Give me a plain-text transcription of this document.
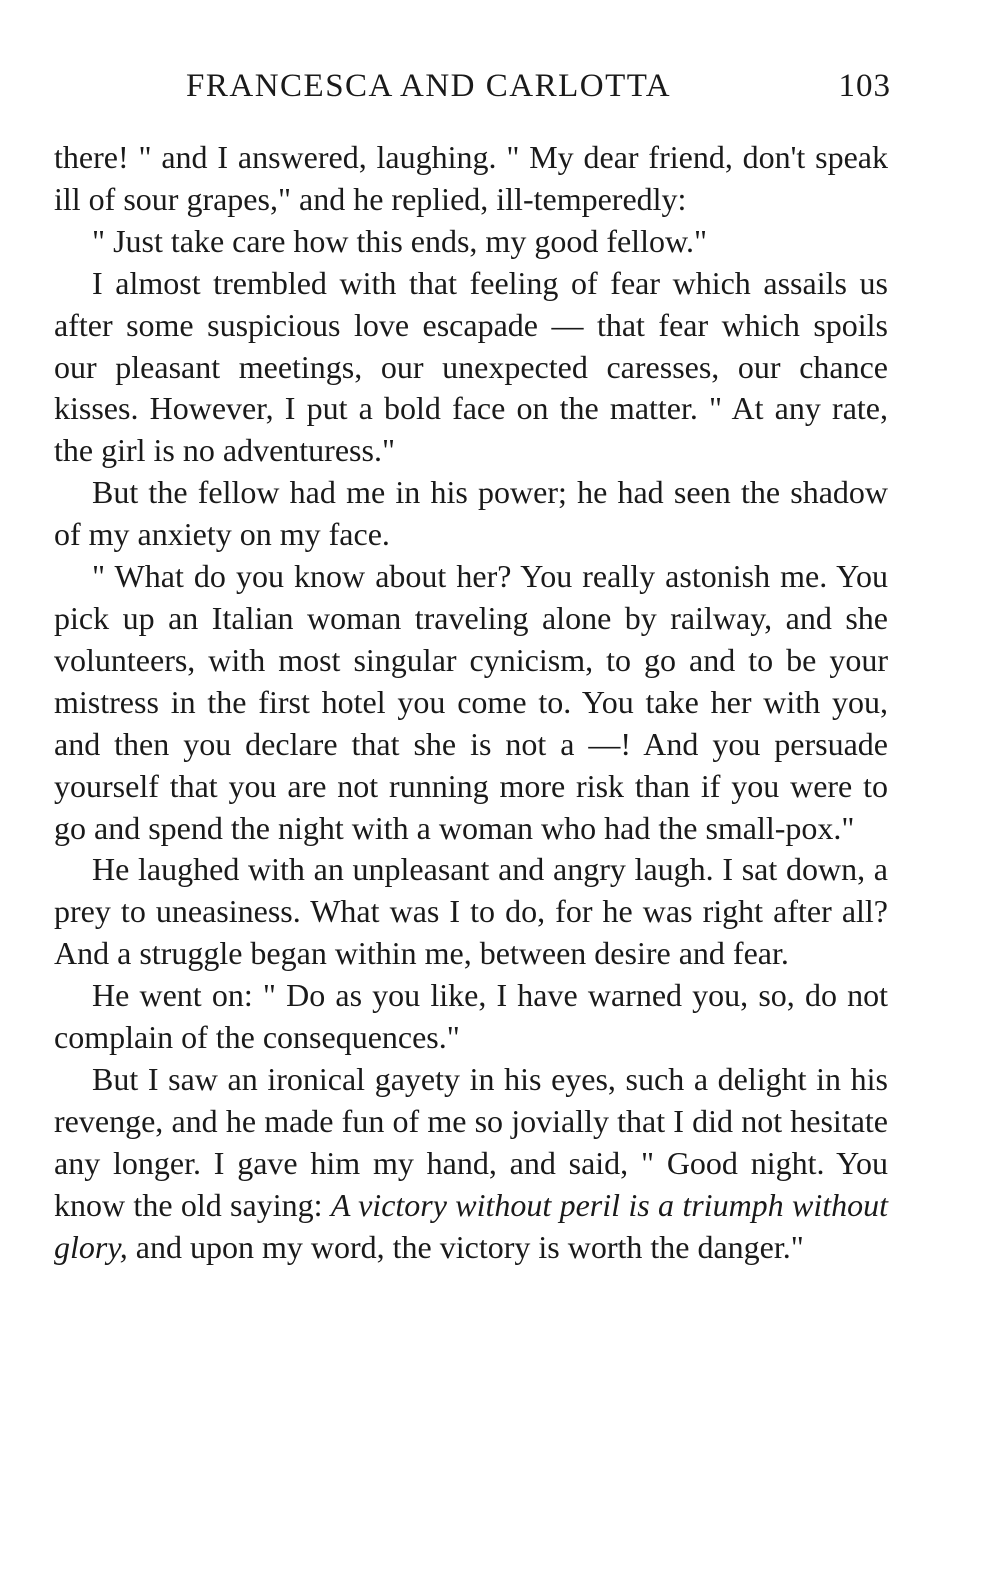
FRANCESCA AND CARLOTTA	103

there! " and I answered, laughing. " My dear friend, don't speak ill of sour grapes," and he replied, ill-temperedly:

" Just take care how this ends, my good fellow."

I almost trembled with that feeling of fear which assails us after some suspicious love escapade — that fear which spoils our pleasant meetings, our unexpected caresses, our chance kisses. However, I put a bold face on the matter. " At any rate, the girl is no adventuress."

But the fellow had me in his power; he had seen the shadow of my anxiety on my face.

" What do you know about her? You really astonish me. You pick up an Italian woman traveling alone by railway, and she volunteers, with most singular cynicism, to go and to be your mistress in the first hotel you come to. You take her with you, and then you declare that she is not a —! And you persuade yourself that you are not running more risk than if you were to go and spend the night with a woman who had the small-pox."

He laughed with an unpleasant and angry laugh. I sat down, a prey to uneasiness. What was I to do, for he was right after all? And a struggle began within me, between desire and fear.

He went on: " Do as you like, I have warned you, so, do not complain of the consequences."

But I saw an ironical gayety in his eyes, such a delight in his revenge, and he made fun of me so jovially that I did not hesitate any longer. I gave him my hand, and said, " Good night. You know the old saying: A victory without peril is a triumph without glory, and upon my word, the victory is worth the danger."
